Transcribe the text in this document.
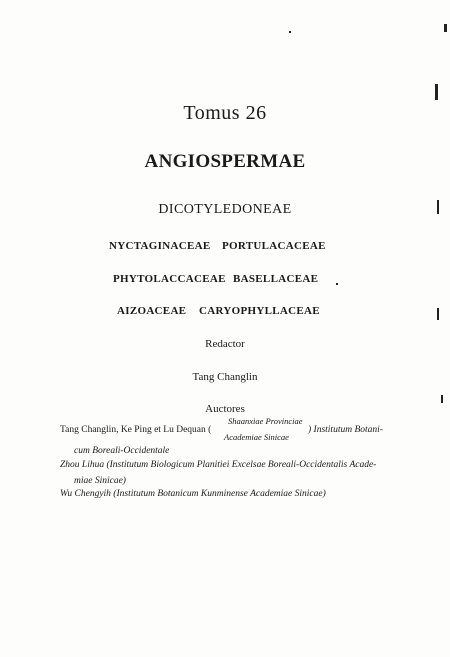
Tomus 26
ANGIOSPERMAE
DICOTYLEDONEAE
NYCTAGINACEAE PORTULACACEAE
PHYTOLACCACEAE BASELLACEAE
AIZOACEAE CARYOPHYLLACEAE
Redactor
Tang Changlin
Auctores
Tang Changlin, Ke Ping et Lu Dequan (
Shaanxiae Provinciae
Academiae Sinicae
) Institutum Botani-
cum Boreali-Occidentale
Zhou Lihua (Institutum Biologicum Planitiei Excelsae Boreali-Occidentalis Acade-
miae Sinicae)
Wu Chengyih (Institutum Botanicum Kunminense Academiae Sinicae)
